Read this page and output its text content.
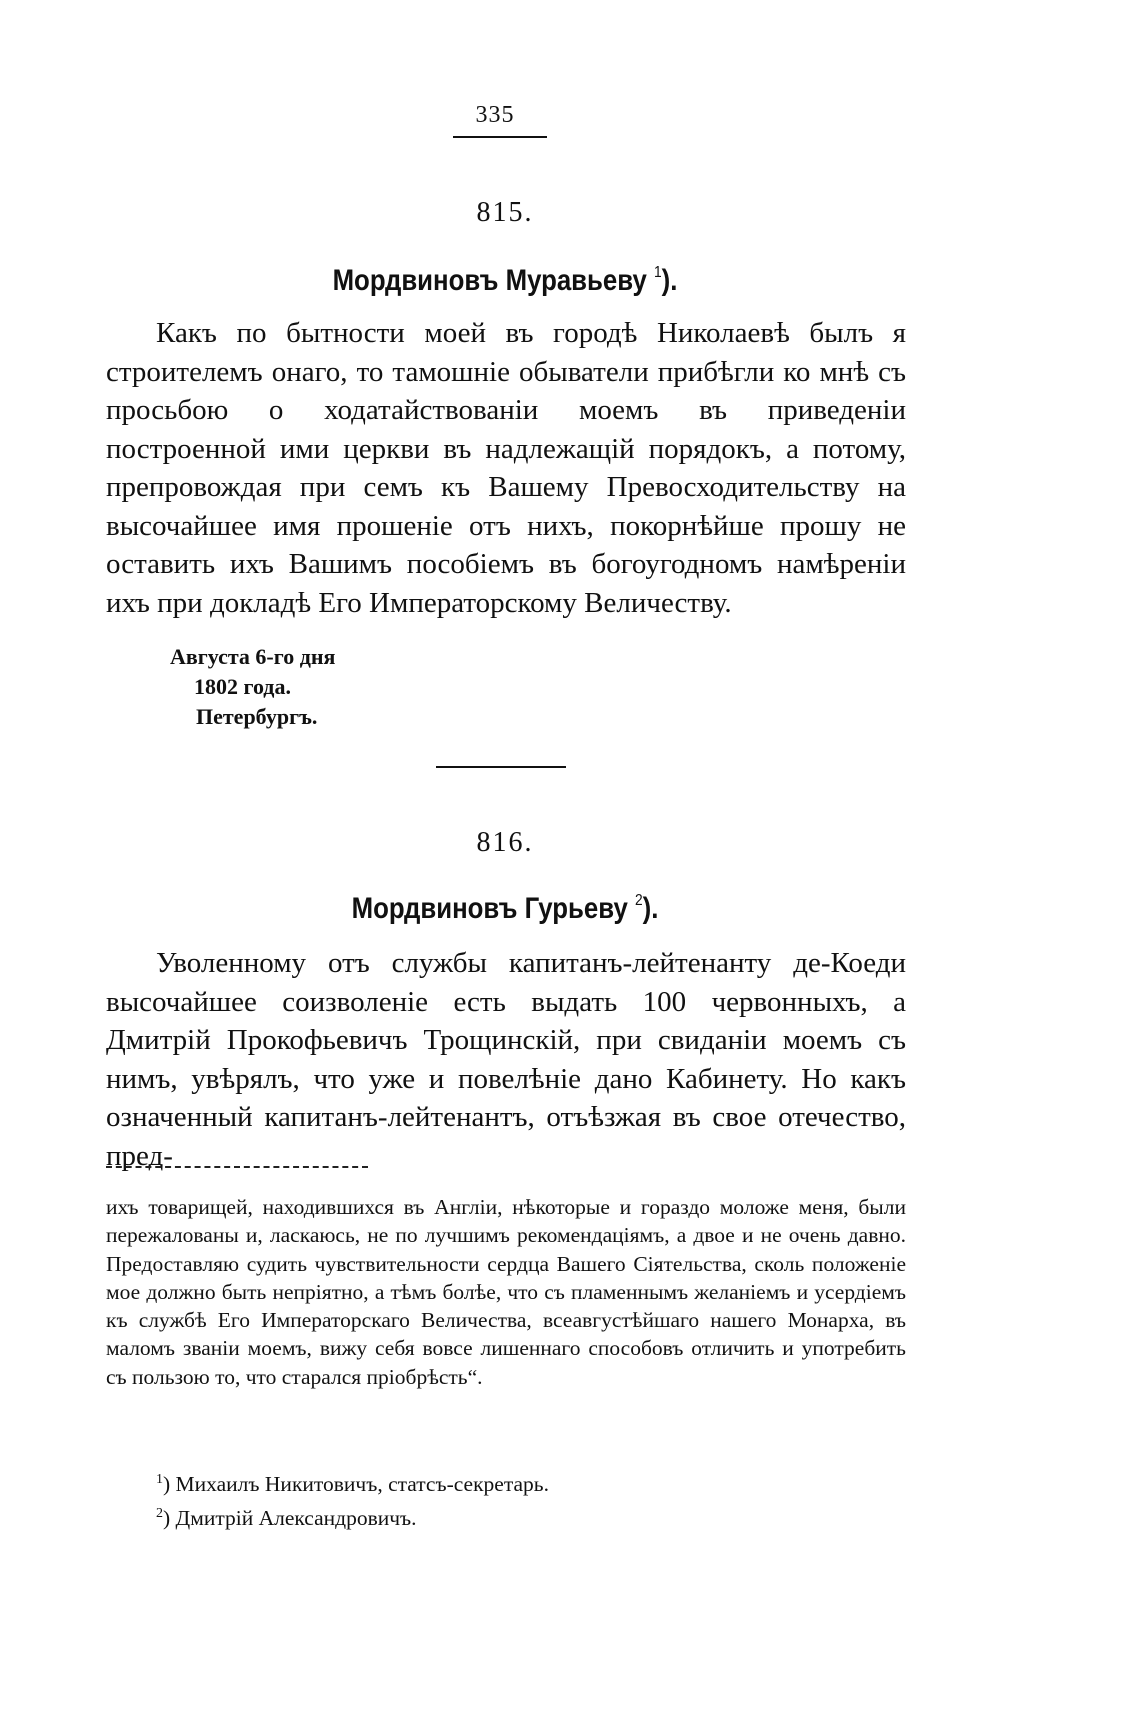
335
815.
Мордвиновъ Муравьеву $^1$).

Какъ по бытности моей въ городѣ Николаевѣ былъ я строителемъ онаго, то тамошніе обыватели прибѣгли ко мнѣ съ просьбою о ходатайствованіи моемъ въ приведеніи построенной ими церкви въ надлежащій порядокъ, а потому, препровождая при семъ къ Вашему Превосходительству на высочайшее имя прошеніе отъ нихъ, покорнѣйше прошу не оставить ихъ Вашимъ пособіемъ въ богоугодномъ намѣреніи ихъ при докладѣ Его Императорскому Величеству.

Августа 6-го дня
1802 года.
Петербургъ.
816.
Мордвиновъ Гурьеву $^2$).

Уволенному отъ службы капитанъ-лейтенанту де-Коеди высочайшее соизволеніе есть выдать 100 червонныхъ, а Дмитрій Прокофьевичъ Трощинскій, при свиданіи моемъ съ нимъ, увѣрялъ, что уже и повелѣніе дано Кабинету. Но какъ означенный капитанъ-лейтенантъ, отъѣзжая въ свое отечество, пред-

ихъ товарищей, находившихся въ Англіи, нѣкоторые и гораздо моложе меня, были пережалованы и, ласкаюсь, не по лучшимъ рекомендаціямъ, а двое и не очень давно. Предоставляю судить чувствительности сердца Вашего Сіятельства, сколь положеніе мое должно быть непріятно, а тѣмъ болѣе, что съ пламеннымъ желаніемъ и усердіемъ къ службѣ Его Императорскаго Величества, всеавгустѣйшаго нашего Монарха, въ маломъ званіи моемъ, вижу себя вовсе лишеннаго способовъ отличить и употребить съ пользою то, что старался пріобрѣсть“.

$^1$) Михаилъ Никитовичъ, статсъ-секретарь.
$^2$) Дмитрій Александровичъ.
